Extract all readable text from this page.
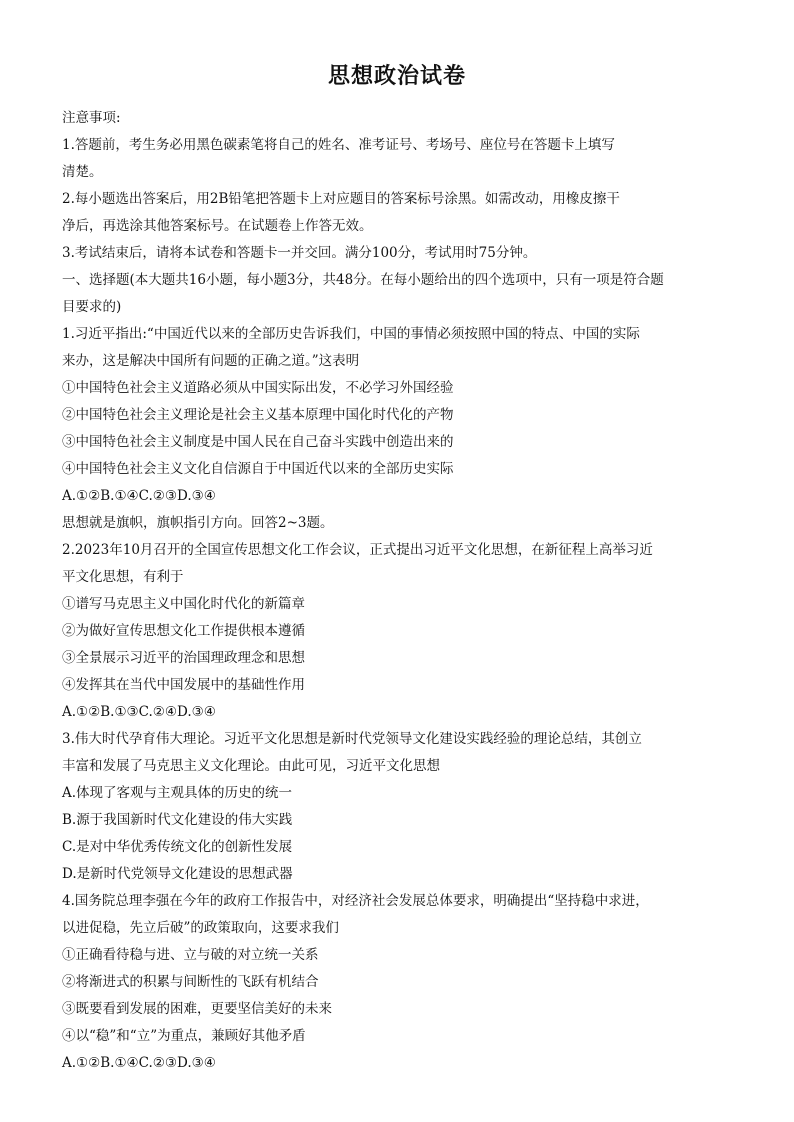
思想政治试卷
注意事项:
1.答题前，考生务必用黑色碳素笔将自己的姓名、准考证号、考场号、座位号在答题卡上填写
清楚。
2.每小题选出答案后，用2B铅笔把答题卡上对应题目的答案标号涂黑。如需改动，用橡皮擦干
净后，再选涂其他答案标号。在试题卷上作答无效。
3.考试结束后，请将本试卷和答题卡一并交回。满分100分，考试用时75分钟。
一、选择题(本大题共16小题，每小题3分，共48分。在每小题给出的四个选项中，只有一项是符合题
目要求的)
1.习近平指出:“中国近代以来的全部历史告诉我们，中国的事情必须按照中国的特点、中国的实际
来办，这是解决中国所有问题的正确之道。”这表明
①中国特色社会主义道路必须从中国实际出发，不必学习外国经验
②中国特色社会主义理论是社会主义基本原理中国化时代化的产物
③中国特色社会主义制度是中国人民在自己奋斗实践中创造出来的
④中国特色社会主义文化自信源自于中国近代以来的全部历史实际
A.①②B.①④C.②③D.③④
思想就是旗帜，旗帜指引方向。回答2~3题。
2.2023年10月召开的全国宣传思想文化工作会议，正式提出习近平文化思想，在新征程上高举习近
平文化思想，有利于
①谱写马克思主义中国化时代化的新篇章
②为做好宣传思想文化工作提供根本遵循
③全景展示习近平的治国理政理念和思想
④发挥其在当代中国发展中的基础性作用
A.①②B.①③C.②④D.③④
3.伟大时代孕育伟大理论。习近平文化思想是新时代党领导文化建设实践经验的理论总结，其创立
丰富和发展了马克思主义文化理论。由此可见，习近平文化思想
A.体现了客观与主观具体的历史的统一
B.源于我国新时代文化建设的伟大实践
C.是对中华优秀传统文化的创新性发展
D.是新时代党领导文化建设的思想武器
4.国务院总理李强在今年的政府工作报告中，对经济社会发展总体要求，明确提出“坚持稳中求进，
以进促稳，先立后破”的政策取向，这要求我们
①正确看待稳与进、立与破的对立统一关系
②将渐进式的积累与间断性的飞跃有机结合
③既要看到发展的困难，更要坚信美好的未来
④以“稳”和“立”为重点，兼顾好其他矛盾
A.①②B.①④C.②③D.③④
